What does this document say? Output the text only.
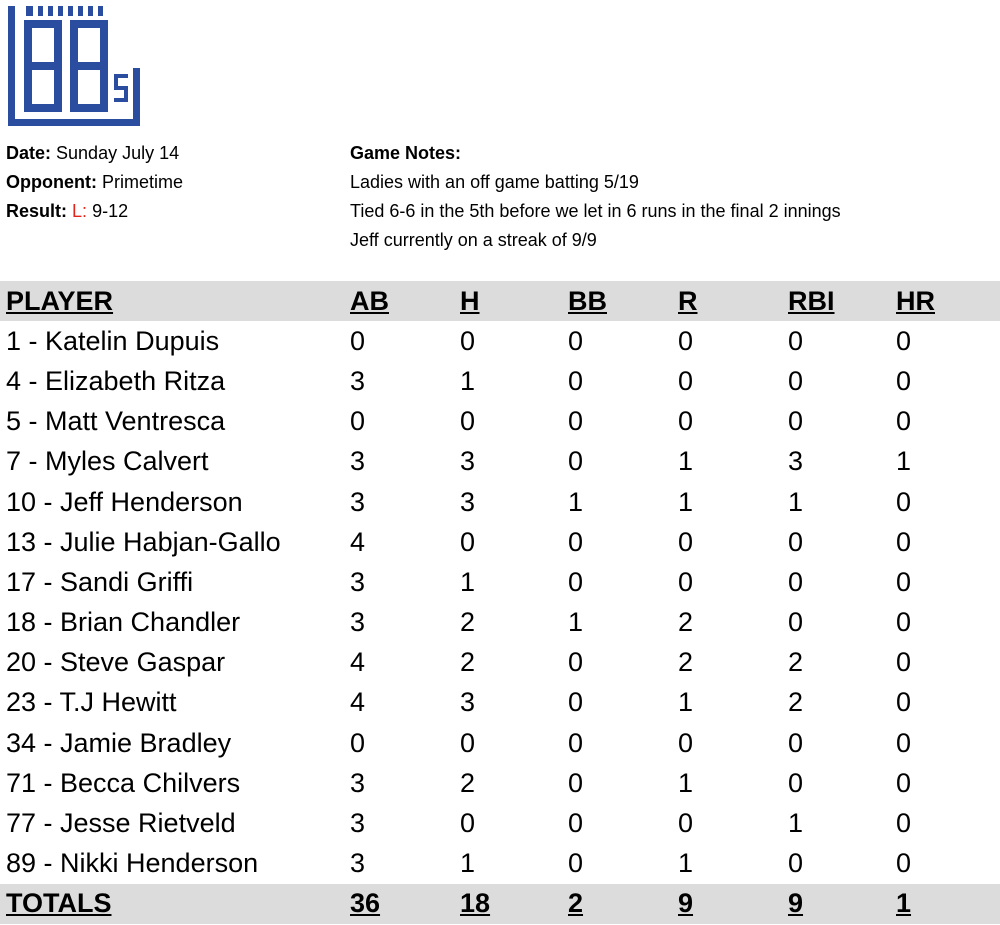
Date: Sunday July 14
Opponent: Primetime
Result: L: 9-12
Game Notes:
Ladies with an off game batting 5/19
Tied 6-6 in the 5th before we let in 6 runs in the final 2 innings
Jeff currently on a streak of 9/9
PLAYER	AB	H	BB	R	RBI	HR
1 - Katelin Dupuis	0	0	0	0	0	0
4 - Elizabeth Ritza	3	1	0	0	0	0
5 - Matt Ventresca	0	0	0	0	0	0
7 - Myles Calvert	3	3	0	1	3	1
10 - Jeff Henderson	3	3	1	1	1	0
13 - Julie Habjan-Gallo	4	0	0	0	0	0
17 - Sandi Griffi	3	1	0	0	0	0
18 - Brian Chandler	3	2	1	2	0	0
20 - Steve Gaspar	4	2	0	2	2	0
23 - T.J Hewitt	4	3	0	1	2	0
34 - Jamie Bradley	0	0	0	0	0	0
71 - Becca Chilvers	3	2	0	1	0	0
77 - Jesse Rietveld	3	0	0	0	1	0
89 - Nikki Henderson	3	1	0	1	0	0
TOTALS	36	18	2	9	9	1
